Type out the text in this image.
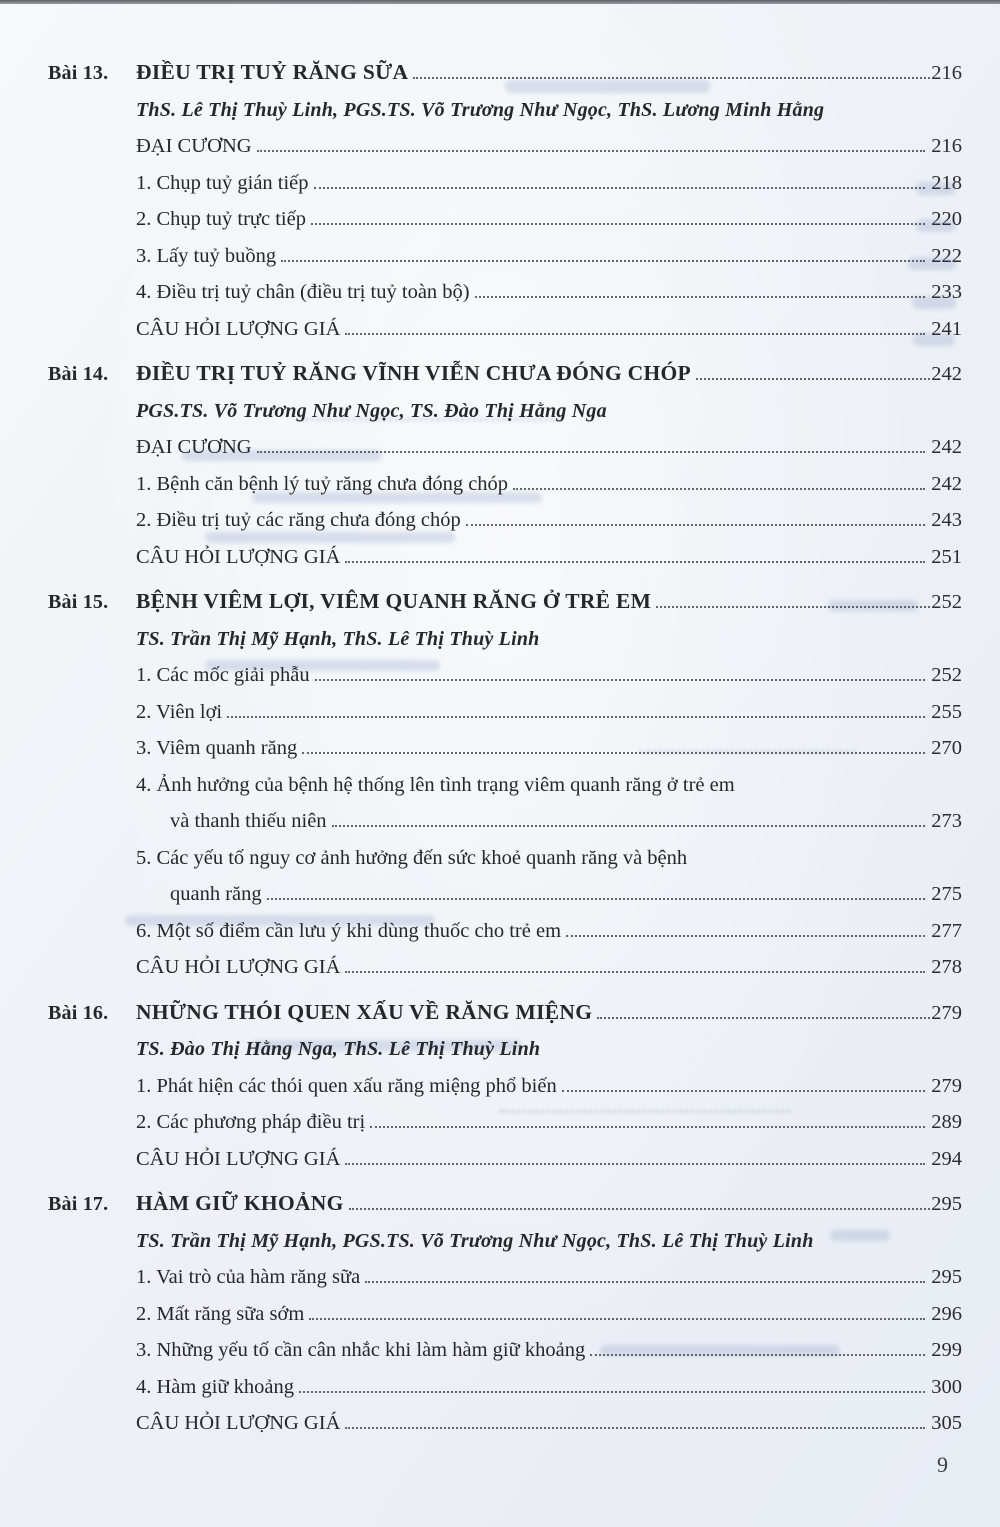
Bài 13.	ĐIỀU TRỊ TUỶ RĂNG SỮA	216
ThS. Lê Thị Thuỳ Linh, PGS.TS. Võ Trương Như Ngọc, ThS. Lương Minh Hằng
ĐẠI CƯƠNG	216
1. Chụp tuỷ gián tiếp	218
2. Chụp tuỷ trực tiếp	220
3. Lấy tuỷ buồng	222
4. Điều trị tuỷ chân (điều trị tuỷ toàn bộ)	233
CÂU HỎI LƯỢNG GIÁ	241
Bài 14.	ĐIỀU TRỊ TUỶ RĂNG VĨNH VIỄN CHƯA ĐÓNG CHÓP	242
PGS.TS. Võ Trương Như Ngọc, TS. Đào Thị Hằng Nga
ĐẠI CƯƠNG	242
1. Bệnh căn bệnh lý tuỷ răng chưa đóng chóp	242
2. Điều trị tuỷ các răng chưa đóng chóp	243
CÂU HỎI LƯỢNG GIÁ	251
Bài 15.	BỆNH VIÊM LỢI, VIÊM QUANH RĂNG Ở TRẺ EM	252
TS. Trần Thị Mỹ Hạnh, ThS. Lê Thị Thuỳ Linh
1. Các mốc giải phẫu	252
2. Viên lợi	255
3. Viêm quanh răng	270
4. Ảnh hưởng của bệnh hệ thống lên tình trạng viêm quanh răng ở trẻ em
và thanh thiếu niên	273
5. Các yếu tố nguy cơ ảnh hưởng đến sức khoẻ quanh răng và bệnh
quanh răng	275
6. Một số điểm cần lưu ý khi dùng thuốc cho trẻ em	277
CÂU HỎI LƯỢNG GIÁ	278
Bài 16.	NHỮNG THÓI QUEN XẤU VỀ RĂNG MIỆNG	279
TS. Đào Thị Hằng Nga, ThS. Lê Thị Thuỳ Linh
1. Phát hiện các thói quen xấu răng miệng phổ biến	279
2. Các phương pháp điều trị	289
CÂU HỎI LƯỢNG GIÁ	294
Bài 17.	HÀM GIỮ KHOẢNG	295
TS. Trần Thị Mỹ Hạnh, PGS.TS. Võ Trương Như Ngọc, ThS. Lê Thị Thuỳ Linh
1. Vai trò của hàm răng sữa	295
2. Mất răng sữa sớm	296
3. Những yếu tố cần cân nhắc khi làm hàm giữ khoảng	299
4. Hàm giữ khoảng	300
CÂU HỎI LƯỢNG GIÁ	305
9
